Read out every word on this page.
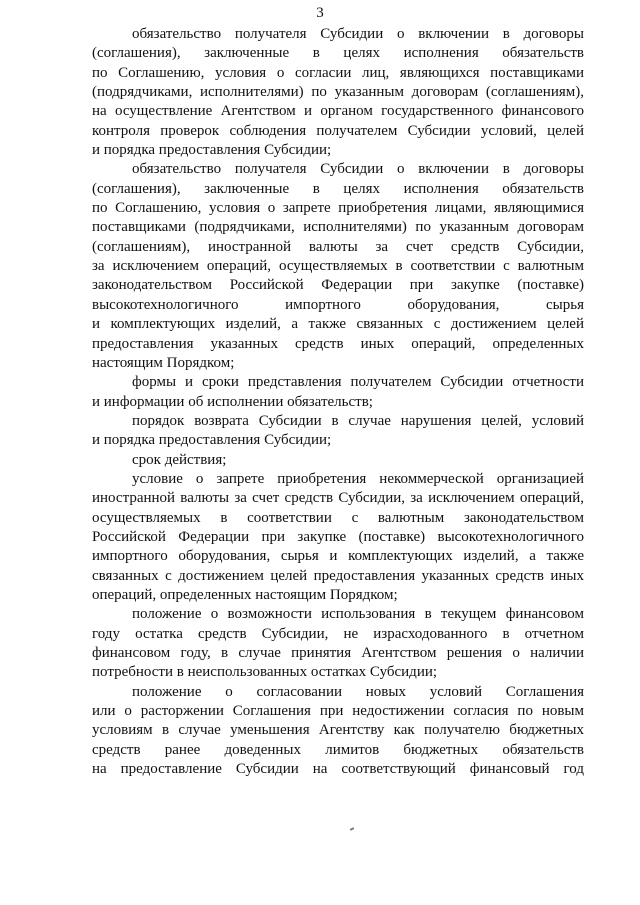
3
обязательство получателя Субсидии о включении в договоры
(соглашения), заключенные в целях исполнения обязательств
по Соглашению, условия о согласии лиц, являющихся поставщиками
(подрядчиками, исполнителями) по указанным договорам (соглашениям),
на осуществление Агентством и органом государственного финансового
контроля проверок соблюдения получателем Субсидии условий, целей
и порядка предоставления Субсидии;
обязательство получателя Субсидии о включении в договоры
(соглашения), заключенные в целях исполнения обязательств
по Соглашению, условия о запрете приобретения лицами, являющимися
поставщиками (подрядчиками, исполнителями) по указанным договорам
(соглашениям), иностранной валюты за счет средств Субсидии,
за исключением операций, осуществляемых в соответствии с валютным
законодательством Российской Федерации при закупке (поставке)
высокотехнологичного импортного оборудования, сырья
и комплектующих изделий, а также связанных с достижением целей
предоставления указанных средств иных операций, определенных
настоящим Порядком;
формы и сроки представления получателем Субсидии отчетности
и информации об исполнении обязательств;
порядок возврата Субсидии в случае нарушения целей, условий
и порядка предоставления Субсидии;
срок действия;
условие о запрете приобретения некоммерческой организацией
иностранной валюты за счет средств Субсидии, за исключением операций,
осуществляемых в соответствии с валютным законодательством
Российской Федерации при закупке (поставке) высокотехнологичного
импортного оборудования, сырья и комплектующих изделий, а также
связанных с достижением целей предоставления указанных средств иных
операций, определенных настоящим Порядком;
положение о возможности использования в текущем финансовом
году остатка средств Субсидии, не израсходованного в отчетном
финансовом году, в случае принятия Агентством решения о наличии
потребности в неиспользованных остатках Субсидии;
положение о согласовании новых условий Соглашения
или о расторжении Соглашения при недостижении согласия по новым
условиям в случае уменьшения Агентству как получателю бюджетных
средств ранее доведенных лимитов бюджетных обязательств
на предоставление Субсидии на соответствующий финансовый год
